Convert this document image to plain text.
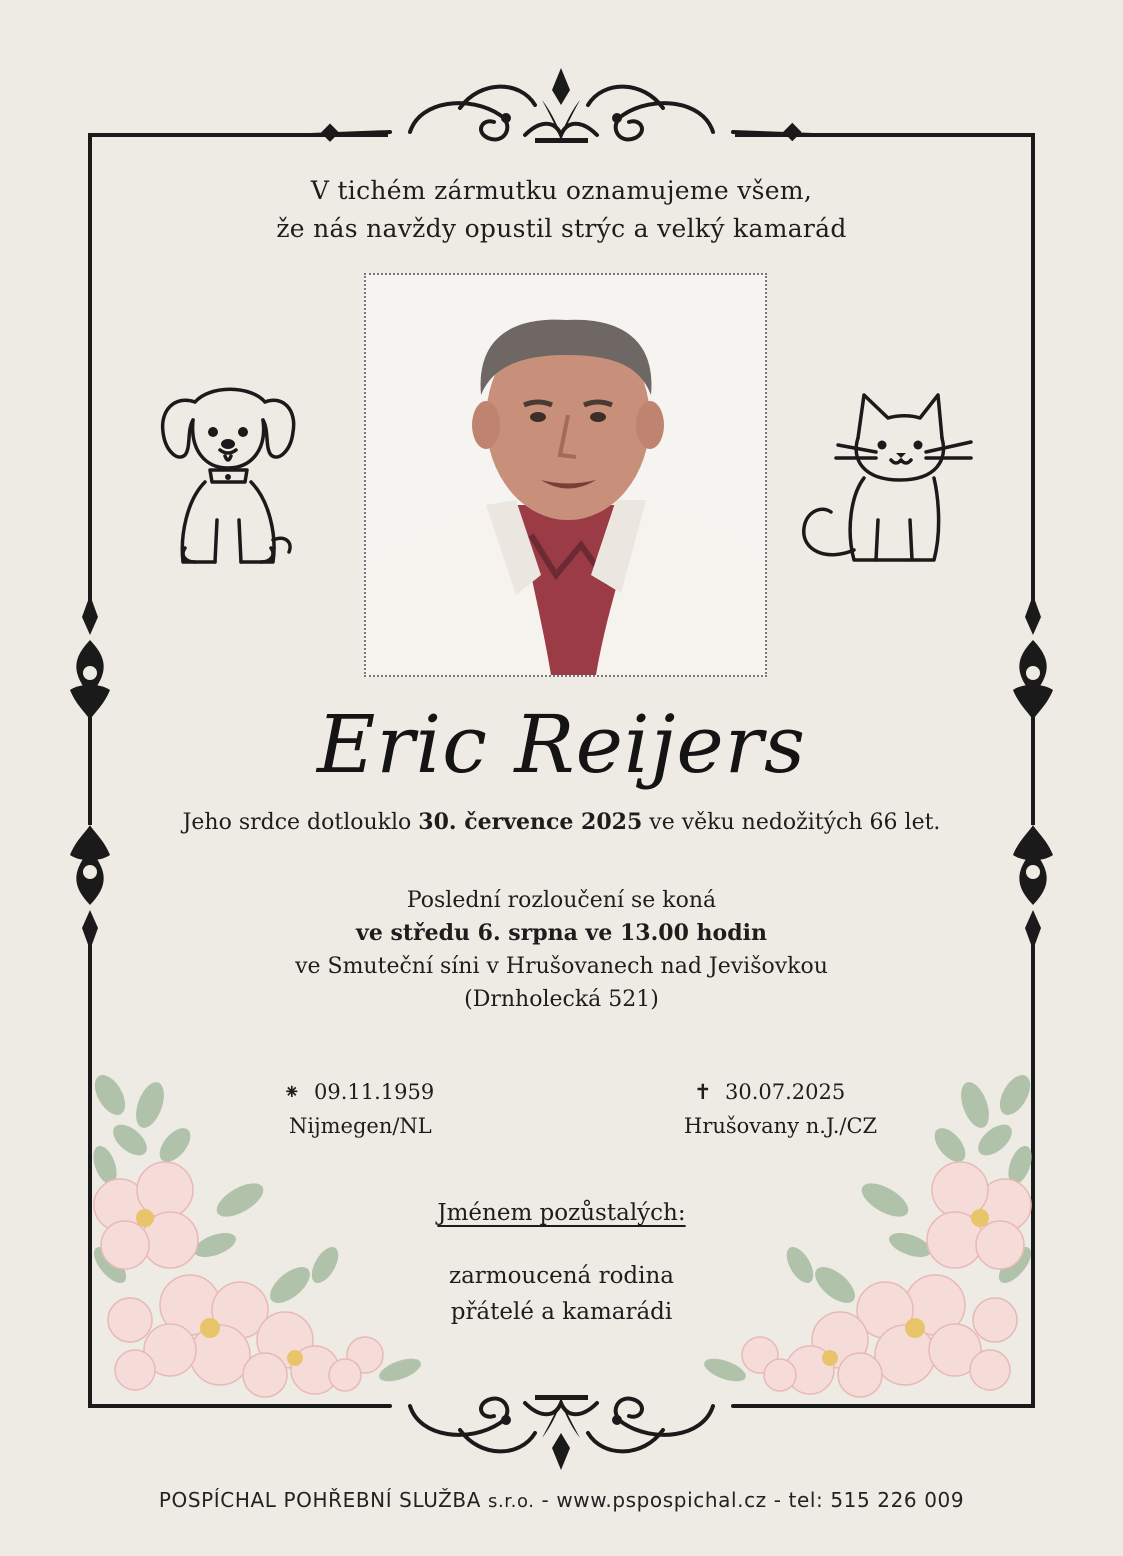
V tichém zármutku oznamujeme všem,
že nás navždy opustil strýc a velký kamarád
Eric Reijers
Jeho srdce dotlouklo 30. července 2025 ve věku nedožitých 66 let.
Poslední rozloučení se koná
ve středu 6. srpna ve 13.00 hodin
ve Smuteční síni v Hrušovanech nad Jevišovkou
(Drnholecká 521)
⁕ 09.11.1959
Nijmegen/NL
✝ 30.07.2025
Hrušovany n.J./CZ
Jménem pozůstalých:
zarmoucená rodina
přátelé a kamarádi
POSPÍCHAL POHŘEBNÍ SLUŽBA s.r.o. - www.pspospichal.cz - tel: 515 226 009
